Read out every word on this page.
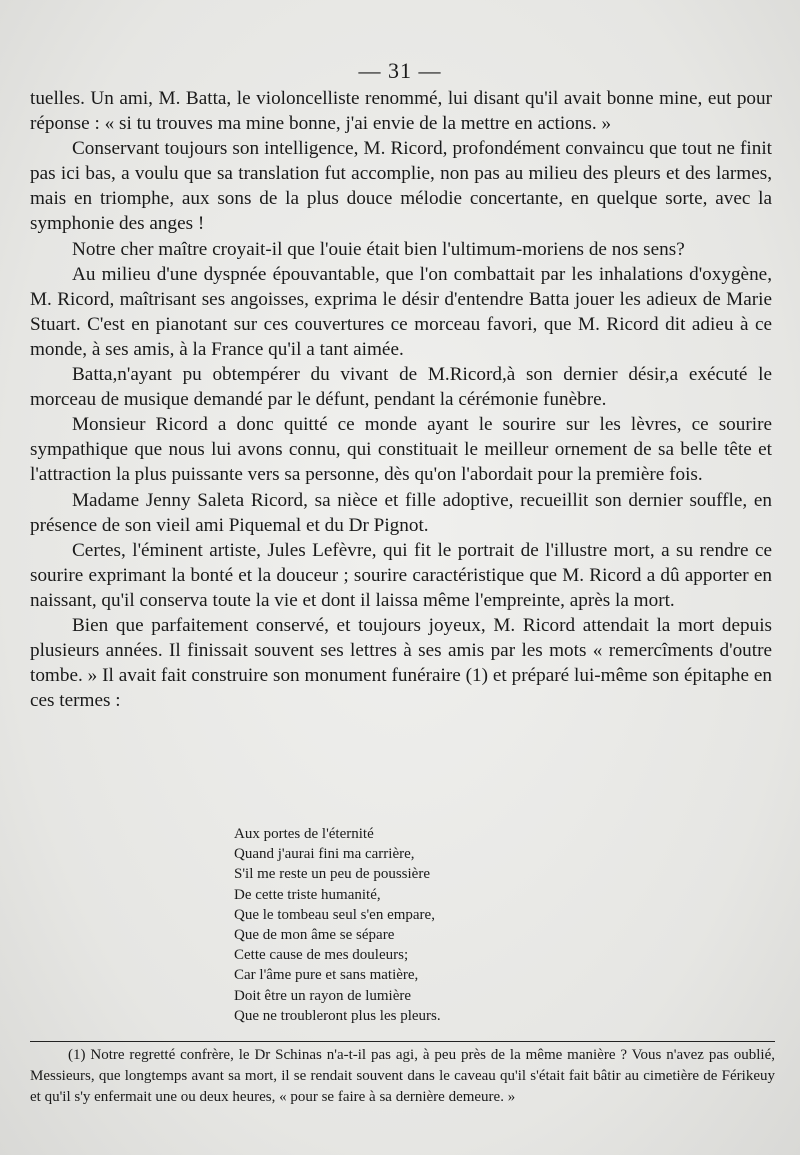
— 31 —

tuelles. Un ami, M. Batta, le violoncelliste renommé, lui disant qu'il avait bonne mine, eut pour réponse : « si tu trouves ma mine bonne, j'ai envie de la mettre en actions. »

Conservant toujours son intelligence, M. Ricord, profondément convaincu que tout ne finit pas ici bas, a voulu que sa translation fut accomplie, non pas au milieu des pleurs et des larmes, mais en triomphe, aux sons de la plus douce mélodie concertante, en quelque sorte, avec la symphonie des anges !

Notre cher maître croyait-il que l'ouie était bien l'ultimum-moriens de nos sens?

Au milieu d'une dyspnée épouvantable, que l'on combattait par les inhalations d'oxygène, M. Ricord, maîtrisant ses angoisses, exprima le désir d'entendre Batta jouer les adieux de Marie Stuart. C'est en pianotant sur ces couvertures ce morceau favori, que M. Ricord dit adieu à ce monde, à ses amis, à la France qu'il a tant aimée.

Batta,n'ayant pu obtempérer du vivant de M.Ricord,à son dernier désir,a exécuté le morceau de musique demandé par le défunt, pendant la cérémonie funèbre.

Monsieur Ricord a donc quitté ce monde ayant le sourire sur les lèvres, ce sourire sympathique que nous lui avons connu, qui constituait le meilleur ornement de sa belle tête et l'attraction la plus puissante vers sa personne, dès qu'on l'abordait pour la première fois.

Madame Jenny Saleta Ricord, sa nièce et fille adoptive, recueillit son dernier souffle, en présence de son vieil ami Piquemal et du Dr Pignot.

Certes, l'éminent artiste, Jules Lefèvre, qui fit le portrait de l'illustre mort, a su rendre ce sourire exprimant la bonté et la douceur ; sourire caractéristique que M. Ricord a dû apporter en naissant, qu'il conserva toute la vie et dont il laissa même l'empreinte, après la mort.

Bien que parfaitement conservé, et toujours joyeux, M. Ricord attendait la mort depuis plusieurs années. Il finissait souvent ses lettres à ses amis par les mots « remercîments d'outre tombe. » Il avait fait construire son monument funéraire (1) et préparé lui-même son épitaphe en ces termes :

Aux portes de l'éternité
Quand j'aurai fini ma carrière,
S'il me reste un peu de poussière
De cette triste humanité,
Que le tombeau seul s'en empare,
Que de mon âme se sépare
Cette cause de mes douleurs;
Car l'âme pure et sans matière,
Doit être un rayon de lumière
Que ne troubleront plus les pleurs.

(1) Notre regretté confrère, le Dr Schinas n'a-t-il pas agi, à peu près de la même manière ? Vous n'avez pas oublié, Messieurs, que longtemps avant sa mort, il se rendait souvent dans le caveau qu'il s'était fait bâtir au cimetière de Férikeuy et qu'il s'y enfermait une ou deux heures, « pour se faire à sa dernière demeure. »
